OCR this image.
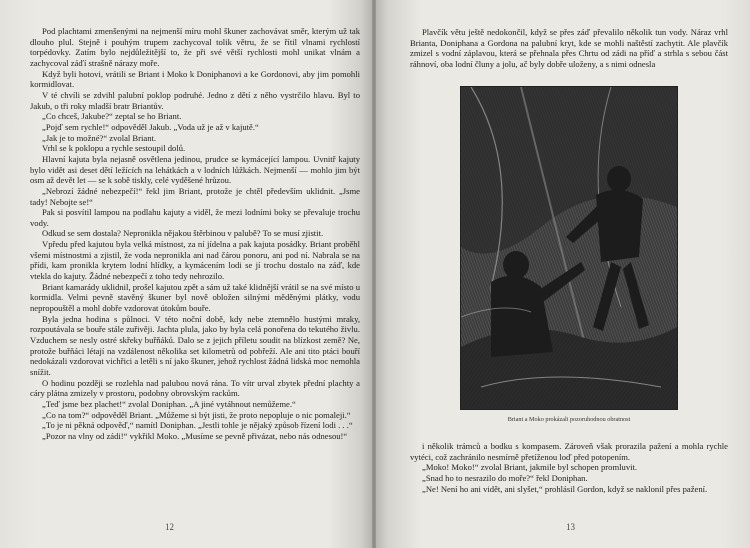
Pod plachtami zmenšenými na nejmenší míru mohl škuner zachovávat směr, kterým už tak dlouho plul. Stejně i pouhým trupem zachycoval tolik větru, že se řítil vlnami rychlostí torpédovky. Zatím bylo nejdůležitější to, že při své větší rychlosti mohl unikat vlnám a zachycoval záďí strašně nárazy moře.

Když byli hotovi, vrátili se Briant i Moko k Doniphanovi a ke Gordonovi, aby jim pomohli kormidlovat.

V té chvíli se zdvihl palubní poklop podruhé. Jedno z dětí z něho vystrčilo hlavu. Byl to Jakub, o tři roky mladší bratr Briantův.

„Co chceš, Jakube?“ zeptal se ho Briant.

„Pojď sem rychle!“ odpověděl Jakub. „Voda už je až v kajutě.“

„Jak je to možné?“ zvolal Briant.

Vrhl se k poklopu a rychle sestoupil dolů.

Hlavní kajuta byla nejasně osvětlena jedinou, prudce se kymácející lampou. Uvnitř kajuty bylo vidět asi deset dětí ležících na lehátkách a v lodních lůžkách. Nejmenší — mohlo jim být osm až devět let — se k sobě tiskly, celé vyděšené hrůzou.

„Nebrozí žádné nebezpečí!“ řekl jim Briant, protože je chtěl především uklidnit. „Jsme tady! Nebojte se!“

Pak si posvítil lampou na podlahu kajuty a viděl, že mezi lodními boky se převaluje trochu vody.

Odkud se sem dostala? Nepronikla nějakou štěrbinou v palubě? To se musí zjistit.

Vpředu před kajutou byla velká místnost, za ní jídelna a pak kajuta posádky. Briant proběhl všemi místnostmi a zjistil, že voda nepronikla ani nad čárou ponoru, ani pod ní. Nabrala se na přídi, kam pronikla krytem lodní hlídky, a kymácením lodi se jí trochu dostalo na záď, kde vtekla do kajuty. Žádné nebezpečí z toho tedy nehrozilo.

Briant kamarády uklidnil, prošel kajutou zpět a sám už také klidnější vrátil se na své místo u kormidla. Velmi pevně stavěný škuner byl nově obložen silnými měděnými plátky, vodu nepropouštěl a mohl dobře vzdorovat útokům bouře.

Byla jedna hodina s půlnoci. V této noční době, kdy nebe ztemnělo hustými mraky, rozpoutávala se bouře stále zuřivěji. Jachta plula, jako by byla celá ponořena do tekutého živlu. Vzduchem se nesly ostré skřeky buřňáků. Dalo se z jejich příletu soudit na blízkost země? Ne, protože buřňáci létají na vzdálenost několika set kilometrů od pobřeží. Ale ani tito ptáci bouří nedokázali vzdorovat vichřici a letěli s ní jako škuner, jehož rychlost žádná lidská moc nemohla snížit.

O hodinu později se rozlehla nad palubou nová rána. To vítr urval zbytek přední plachty a cáry plátna zmizely v prostoru, podobny obrovským rackům.

„Teď jsme bez plachet!“ zvolal Doniphan. „A jiné vytáhnout nemůžeme.“

„Co na tom?“ odpověděl Briant. „Můžeme si být jisti, že proto nepopluje o nic pomaleji.“

„To je ni pěkná odpověď,“ namítl Doniphan. „Jestli tohle je nějaký způsob řízení lodi . . .“

„Pozor na vlny od zádi!“ vykřikl Moko. „Musíme se pevně přivázat, nebo nás odnesou!“

Plavčík větu ještě nedokončil, když se přes záď převalilo několik tun vody. Náraz vrhl Brianta, Doniphana a Gordona na palubní kryt, kde se mohli naštěstí zachytit. Ale plavčík zmizel s vodní záplavou, která se přehnala přes Chrtu od zádi na příď a strhla s sebou část ráhnoví, oba lodní čluny a jolu, ač byly dobře uloženy, a s nimi odnesla

Briant a Moko prokázali pozoruhodnou obratnost

i několik trámců a bodku s kompasem. Zároveň však prorazila pažení a mohla rychle vytéci, což zachránilo nesmírně přetíženou loď před potopením.

„Moko! Moko!“ zvolal Briant, jakmile byl schopen promluvit.

„Snad ho to nesrazilo do moře?“ řekl Doniphan.

„Ne! Není ho ani vidět, ani slyšet,“ prohlásil Gordon, když se naklonil přes pažení.

12	13
